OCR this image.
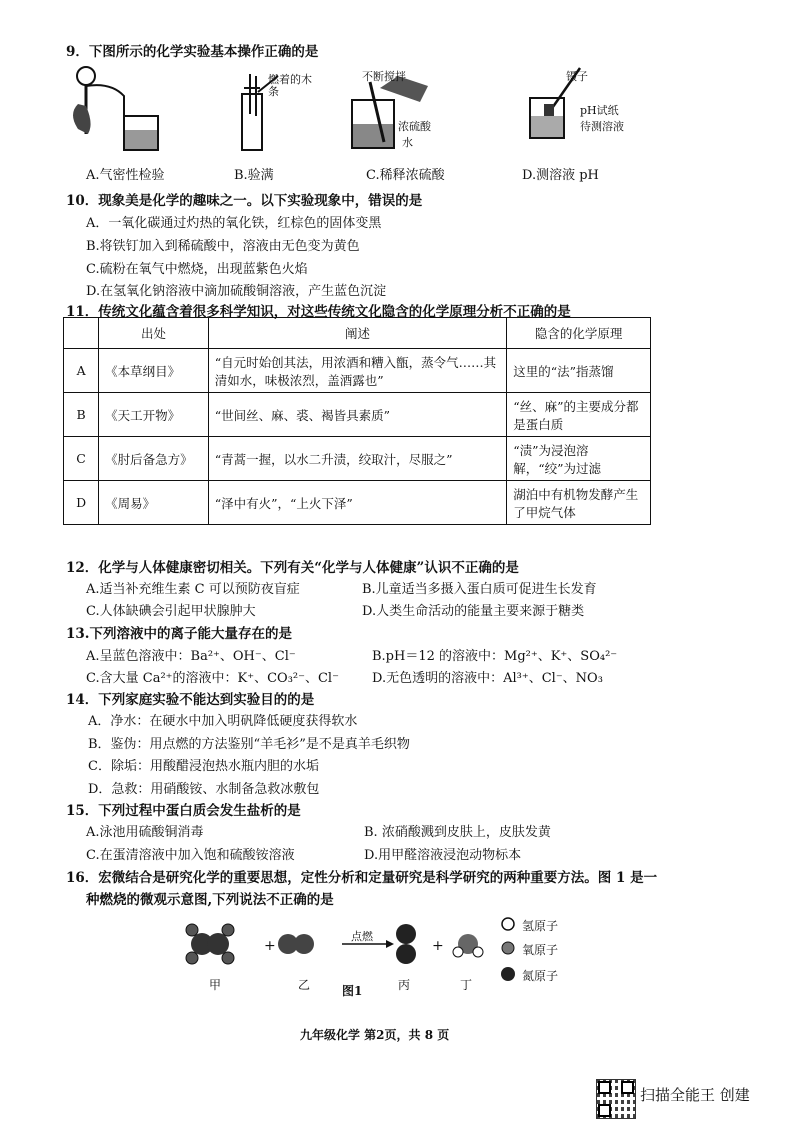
9．下图所示的化学实验基本操作正确的是
燃着的木条
不断搅拌
浓硫酸
水
镊子
pH试纸
待测溶液
A.气密性检验	B.验满	C.稀释浓硫酸	D.测溶液 pH
10．现象美是化学的趣味之一。以下实验现象中，错误的是
A．一氧化碳通过灼热的氧化铁，红棕色的固体变黑
B.将铁钉加入到稀硫酸中，溶液由无色变为黄色
C.硫粉在氧气中燃烧，出现蓝紫色火焰
D.在氢氧化钠溶液中滴加硫酸铜溶液，产生蓝色沉淀
11．传统文化蕴含着很多科学知识，对这些传统文化隐含的化学原理分析不正确的是
	出处	阐述	隐含的化学原理
A	《本草纲目》	“自元时始创其法，用浓酒和糟入甑，蒸令气……其清如水，味极浓烈，盖酒露也”	这里的“法”指蒸馏
B	《天工开物》	“世间丝、麻、裘、褐皆具素质”	“丝、麻”的主要成分都是蛋白质
C	《肘后备急方》	“青蒿一握，以水二升渍，绞取汁，尽服之”	“渍”为浸泡溶解，“绞”为过滤
D	《周易》	“泽中有火”，“上火下泽”	湖泊中有机物发酵产生了甲烷气体
12．化学与人体健康密切相关。下列有关“化学与人体健康”认识不正确的是
A.适当补充维生素 C 可以预防夜盲症	B.儿童适当多摄入蛋白质可促进生长发育
C.人体缺碘会引起甲状腺肿大	D.人类生命活动的能量主要来源于糖类
13.下列溶液中的离子能大量存在的是
A.呈蓝色溶液中：Ba²⁺、OH⁻、Cl⁻	B.pH＝12 的溶液中：Mg²⁺、K⁺、SO₄²⁻
C.含大量 Ca²⁺的溶液中：K⁺、CO₃²⁻、Cl⁻	D.无色透明的溶液中：Al³⁺、Cl⁻、NO₃
14．下列家庭实验不能达到实验目的的是
A．净水：在硬水中加入明矾降低硬度获得软水
B．鉴伪：用点燃的方法鉴别“羊毛衫”是不是真羊毛织物
C．除垢：用酸醋浸泡热水瓶内胆的水垢
D．急救：用硝酸铵、水制备急救冰敷包
15．下列过程中蛋白质会发生盐析的是
A.泳池用硫酸铜消毒	B. 浓硝酸溅到皮肤上，皮肤发黄
C.在蛋清溶液中加入饱和硫酸铵溶液	D.用甲醛溶液浸泡动物标本
16．宏微结合是研究化学的重要思想，定性分析和定量研究是科学研究的两种重要方法。图 1 是一
种燃烧的微观示意图,下列说法不正确的是
+	+
点燃
甲	乙	丙	丁
图1
氢原子
氧原子
氮原子
九年级化学 第2页，共 8 页
扫描全能王 创建
